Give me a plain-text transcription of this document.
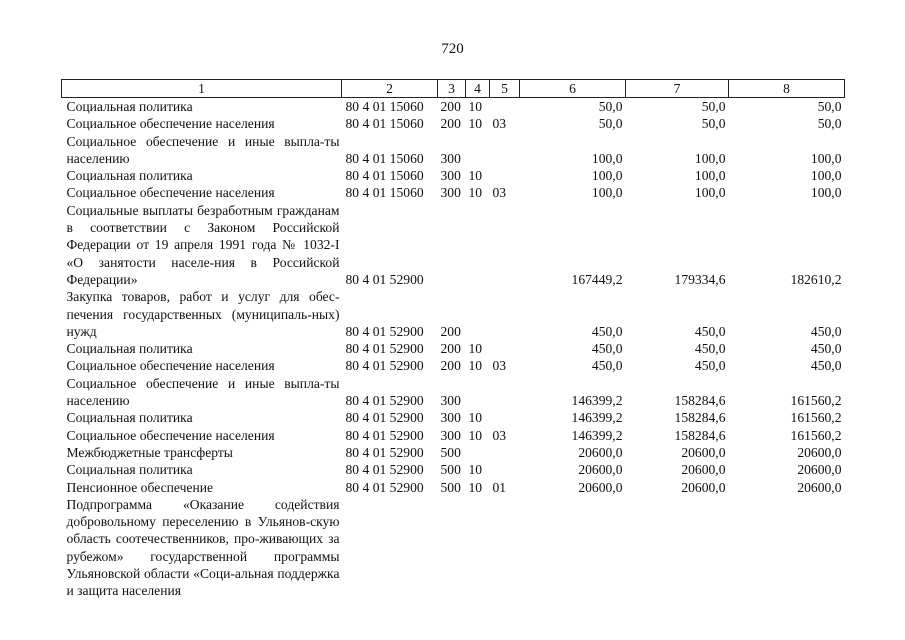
720
1	2	3	4	5	6	7	8
Социальная политика	80 4 01 15060	200	10		50,0	50,0	50,0
Социальное обеспечение населения	80 4 01 15060	200	10	03	50,0	50,0	50,0
Социальное обеспечение и иные выпла-ты населению	80 4 01 15060	300			100,0	100,0	100,0
Социальная политика	80 4 01 15060	300	10		100,0	100,0	100,0
Социальное обеспечение населения	80 4 01 15060	300	10	03	100,0	100,0	100,0
Социальные выплаты безработным гражданам в соответствии с Законом Российской Федерации от 19 апреля 1991 года № 1032-I «О занятости населе-ния в Российской Федерации»	80 4 01 52900				167449,2	179334,6	182610,2
Закупка товаров, работ и услуг для обес-печения государственных (муниципаль-ных) нужд	80 4 01 52900	200			450,0	450,0	450,0
Социальная политика	80 4 01 52900	200	10		450,0	450,0	450,0
Социальное обеспечение населения	80 4 01 52900	200	10	03	450,0	450,0	450,0
Социальное обеспечение и иные выпла-ты населению	80 4 01 52900	300			146399,2	158284,6	161560,2
Социальная политика	80 4 01 52900	300	10		146399,2	158284,6	161560,2
Социальное обеспечение населения	80 4 01 52900	300	10	03	146399,2	158284,6	161560,2
Межбюджетные трансферты	80 4 01 52900	500			20600,0	20600,0	20600,0
Социальная политика	80 4 01 52900	500	10		20600,0	20600,0	20600,0
Пенсионное обеспечение	80 4 01 52900	500	10	01	20600,0	20600,0	20600,0
Подпрограмма «Оказание содействия добровольному переселению в Ульянов-скую область соотечественников, про-живающих за рубежом» государственной программы Ульяновской области «Соци-альная поддержка и защита населения							
